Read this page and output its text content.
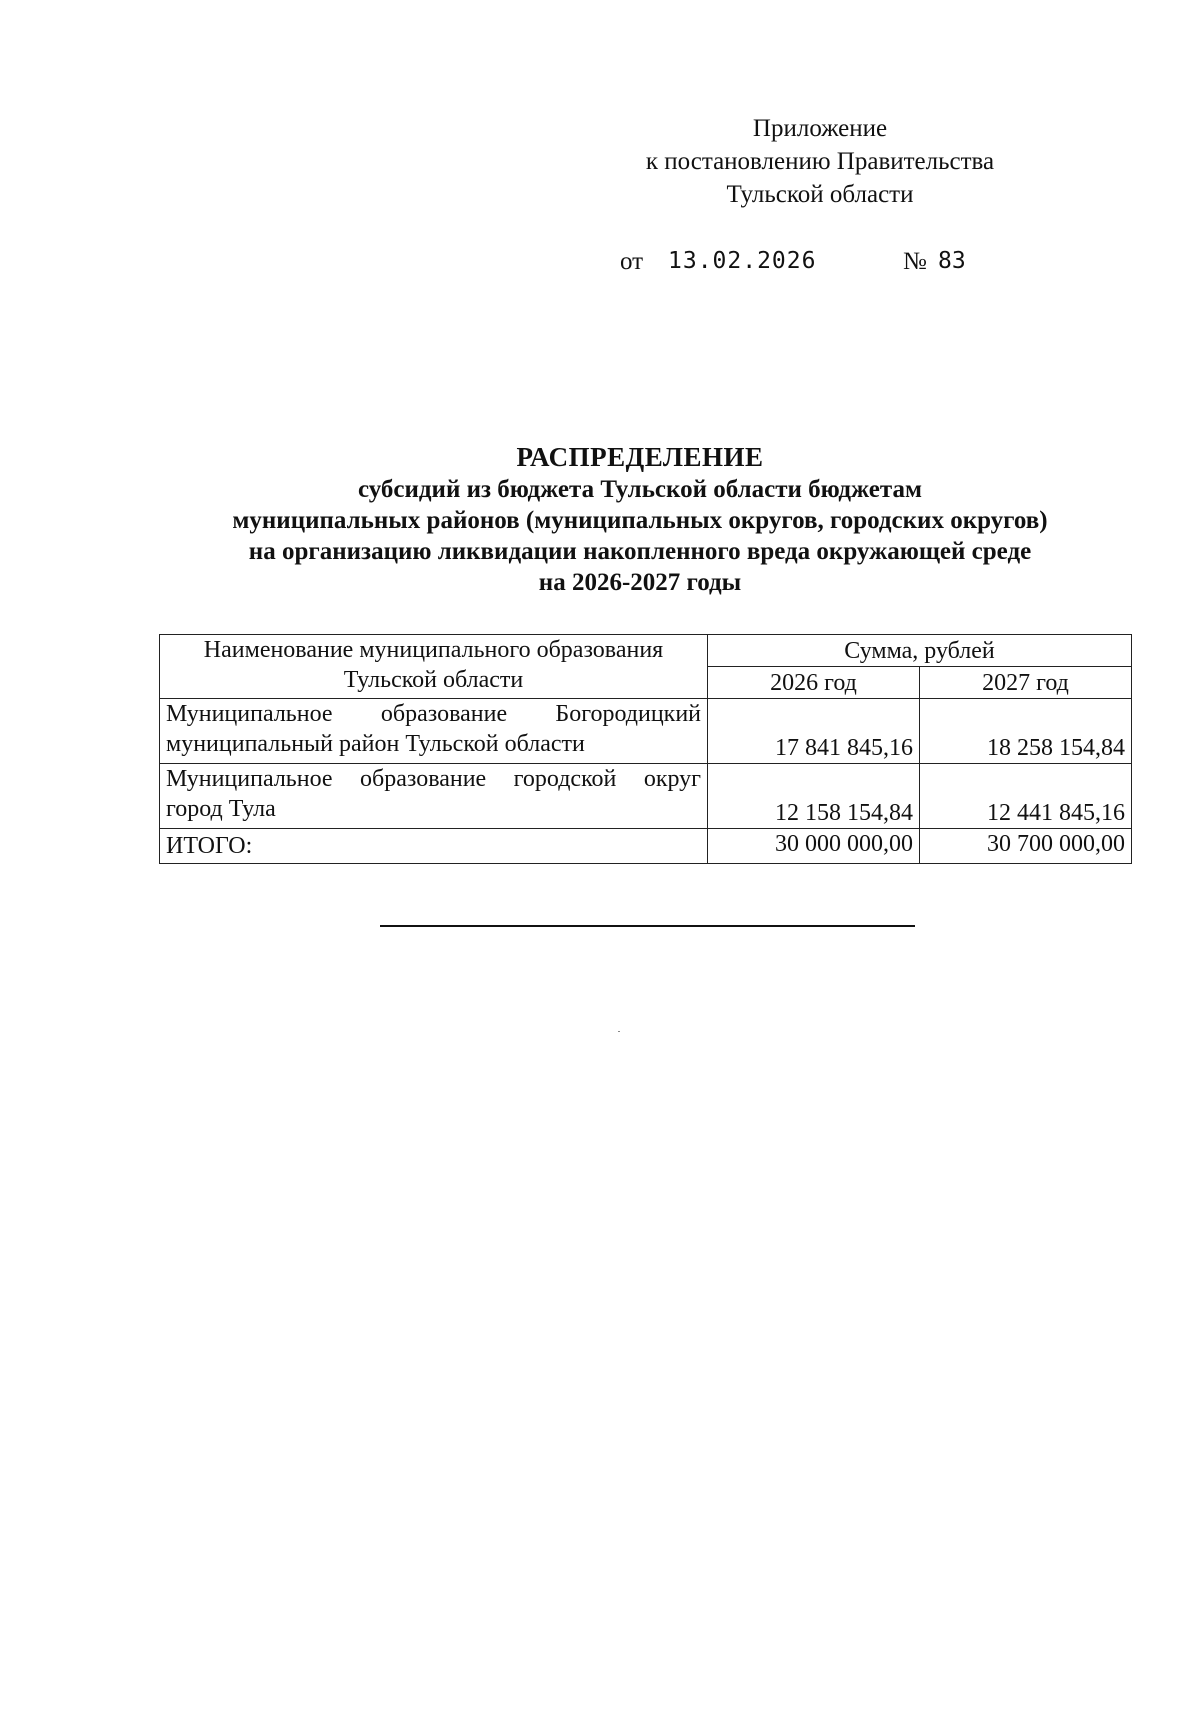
Приложение
к постановлению Правительства
Тульской области
от 13.02.2026	№ 83
РАСПРЕДЕЛЕНИЕ
субсидий из бюджета Тульской области бюджетам
муниципальных районов (муниципальных округов, городских округов)
на организацию ликвидации накопленного вреда окружающей среде
на 2026-2027 годы
Наименование муниципального образования
Тульской области	Сумма, рублей	
	2026 год	2027 год

Муниципальное образование Богородицкий
муниципальный район Тульской области	17 841 845,16	18 258 154,84

Муниципальное образование городской округ
город Тула	12 158 154,84	12 441 845,16
ИТОГО:	30 000 000,00	30 700 000,00
